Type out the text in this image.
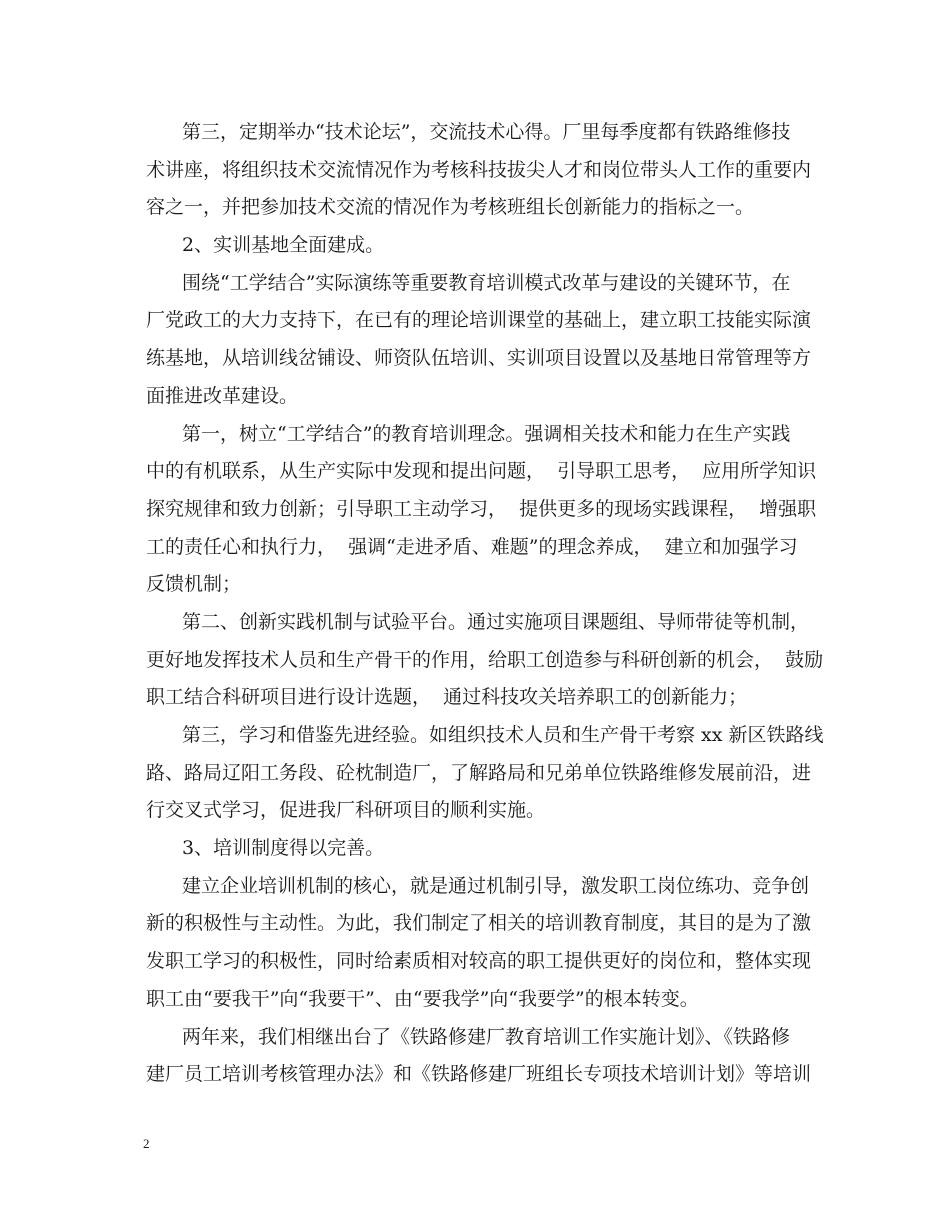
第三，定期举办“技术论坛”，交流技术心得。厂里每季度都有铁路维修技
术讲座，将组织技术交流情况作为考核科技拔尖人才和岗位带头人工作的重要内
容之一，并把参加技术交流的情况作为考核班组长创新能力的指标之一。
2、实训基地全面建成。
围绕“工学结合”实际演练等重要教育培训模式改革与建设的关键环节，在
厂党政工的大力支持下，在已有的理论培训课堂的基础上，建立职工技能实际演
练基地，从培训线岔铺设、师资队伍培训、实训项目设置以及基地日常管理等方
面推进改革建设。
第一，树立“工学结合”的教育培训理念。强调相关技术和能力在生产实践
中的有机联系，从生产实际中发现和提出问题，  引导职工思考，  应用所学知识
探究规律和致力创新；引导职工主动学习，  提供更多的现场实践课程，  增强职
工的责任心和执行力，  强调“走进矛盾、难题”的理念养成，  建立和加强学习
反馈机制；
第二、创新实践机制与试验平台。通过实施项目课题组、导师带徒等机制，
更好地发挥技术人员和生产骨干的作用，给职工创造参与科研创新的机会，  鼓励
职工结合科研项目进行设计选题，  通过科技攻关培养职工的创新能力；
第三，学习和借鉴先进经验。如组织技术人员和生产骨干考察 xx 新区铁路线
路、路局辽阳工务段、砼枕制造厂，了解路局和兄弟单位铁路维修发展前沿，进
行交叉式学习，促进我厂科研项目的顺利实施。
3、培训制度得以完善。
建立企业培训机制的核心，就是通过机制引导，激发职工岗位练功、竞争创
新的积极性与主动性。为此，我们制定了相关的培训教育制度，其目的是为了激
发职工学习的积极性，同时给素质相对较高的职工提供更好的岗位和，整体实现
职工由“要我干”向“我要干”、由“要我学”向“我要学”的根本转变。
两年来，我们相继出台了《铁路修建厂教育培训工作实施计划》、《铁路修
建厂员工培训考核管理办法》和《铁路修建厂班组长专项技术培训计划》等培训
2
